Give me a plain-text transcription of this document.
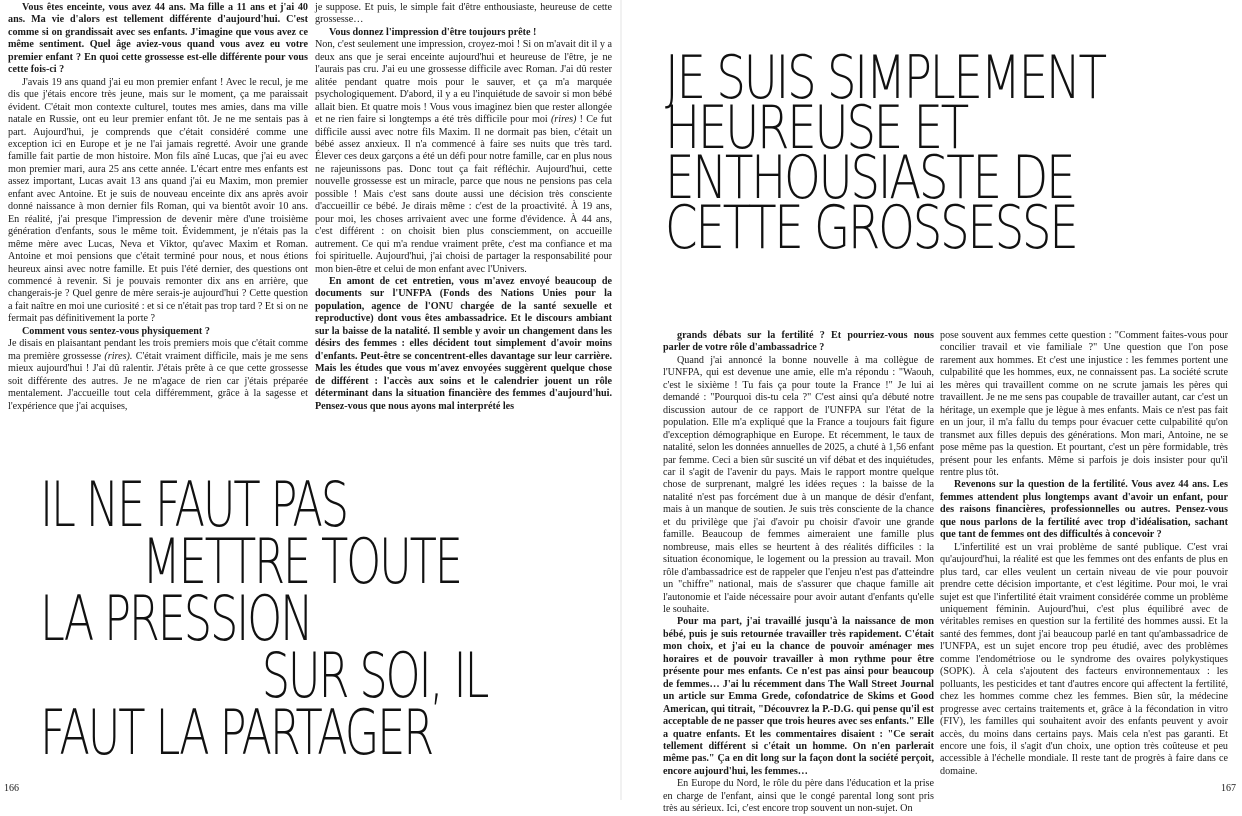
Vous êtes enceinte, vous avez 44 ans. Ma fille a 11 ans et j'ai 40 ans. Ma vie d'alors est tellement différente d'aujourd'hui. C'est comme si on grandissait avec ses enfants. J'imagine que vous avez ce même sentiment. Quel âge aviez-vous quand vous avez eu votre premier enfant ? En quoi cette grossesse est-elle différente pour vous cette fois-ci ?

J'avais 19 ans quand j'ai eu mon premier enfant ! Avec le recul, je me dis que j'étais encore très jeune, mais sur le moment, ça me paraissait évident. C'était mon contexte culturel, toutes mes amies, dans ma ville natale en Russie, ont eu leur premier enfant tôt. Je ne me sentais pas à part. Aujourd'hui, je comprends que c'était considéré comme une exception ici en Europe et je ne l'ai jamais regretté. Avoir une grande famille fait partie de mon histoire. Mon fils aîné Lucas, que j'ai eu avec mon premier mari, aura 25 ans cette année. L'écart entre mes enfants est assez important, Lucas avait 13 ans quand j'ai eu Maxim, mon premier enfant avec Antoine. Et je suis de nouveau enceinte dix ans après avoir donné naissance à mon dernier fils Roman, qui va bientôt avoir 10 ans. En réalité, j'ai presque l'impression de devenir mère d'une troisième génération d'enfants, sous le même toit. Évidemment, je n'étais pas la même mère avec Lucas, Neva et Viktor, qu'avec Maxim et Roman. Antoine et moi pensions que c'était terminé pour nous, et nous étions heureux ainsi avec notre famille. Et puis l'été dernier, des questions ont commencé à revenir. Si je pouvais remonter dix ans en arrière, que changerais-je ? Quel genre de mère serais-je aujourd'hui ? Cette question a fait naître en moi une curiosité : et si ce n'était pas trop tard ? Et si on ne fermait pas définitivement la porte ?

Comment vous sentez-vous physiquement ?

Je disais en plaisantant pendant les trois premiers mois que c'était comme ma première grossesse (rires). C'était vraiment difficile, mais je me sens mieux aujourd'hui ! J'ai dû ralentir. J'étais prête à ce que cette grossesse soit différente des autres. Je ne m'agace de rien car j'étais préparée mentalement. J'accueille tout cela différemment, grâce à la sagesse et l'expérience que j'ai acquises,

je suppose. Et puis, le simple fait d'être enthousiaste, heureuse de cette grossesse…

Vous donnez l'impression d'être toujours prête !

Non, c'est seulement une impression, croyez-moi ! Si on m'avait dit il y a deux ans que je serai enceinte aujourd'hui et heureuse de l'être, je ne l'aurais pas cru. J'ai eu une grossesse difficile avec Roman. J'ai dû rester alitée pendant quatre mois pour le sauver, et ça m'a marquée psychologiquement. D'abord, il y a eu l'inquiétude de savoir si mon bébé allait bien. Et quatre mois ! Vous vous imaginez bien que rester allongée et ne rien faire si longtemps a été très difficile pour moi (rires) ! Ce fut difficile aussi avec notre fils Maxim. Il ne dormait pas bien, c'était un bébé assez anxieux. Il n'a commencé à faire ses nuits que très tard. Élever ces deux garçons a été un défi pour notre famille, car en plus nous ne rajeunissons pas. Donc tout ça fait réfléchir. Aujourd'hui, cette nouvelle grossesse est un miracle, parce que nous ne pensions pas cela possible ! Mais c'est sans doute aussi une décision très consciente d'accueillir ce bébé. Je dirais même : c'est de la proactivité. À 19 ans, pour moi, les choses arrivaient avec une forme d'évidence. À 44 ans, c'est différent : on choisit bien plus consciemment, on accueille autrement. Ce qui m'a rendue vraiment prête, c'est ma confiance et ma foi spirituelle. Aujourd'hui, j'ai choisi de partager la responsabilité pour mon bien-être et celui de mon enfant avec l'Univers.

En amont de cet entretien, vous m'avez envoyé beaucoup de documents sur l'UNFPA (Fonds des Nations Unies pour la population, agence de l'ONU chargée de la santé sexuelle et reproductive) dont vous êtes ambassadrice. Et le discours ambiant sur la baisse de la natalité. Il semble y avoir un changement dans les désirs des femmes : elles décident tout simplement d'avoir moins d'enfants. Peut-être se concentrent-elles davantage sur leur carrière. Mais les études que vous m'avez envoyées suggèrent quelque chose de différent : l'accès aux soins et le calendrier jouent un rôle déterminant dans la situation financière des femmes d'aujourd'hui. Pensez-vous que nous ayons mal interprété les

IL NE FAUT PAS
METTRE TOUTE
LA PRESSION
SUR SOI, IL
FAUT LA PARTAGER
JE SUIS SIMPLEMENT
HEUREUSE ET
ENTHOUSIASTE DE
CETTE GROSSESSE

grands débats sur la fertilité ? Et pourriez-vous nous parler de votre rôle d'ambassadrice ?

Quand j'ai annoncé la bonne nouvelle à ma collègue de l'UNFPA, qui est devenue une amie, elle m'a répondu : "Waouh, c'est le sixième ! Tu fais ça pour toute la France !" Je lui ai demandé : "Pourquoi dis-tu cela ?" C'est ainsi qu'a débuté notre discussion autour de ce rapport de l'UNFPA sur l'état de la population. Elle m'a expliqué que la France a toujours fait figure d'exception démographique en Europe. Et récemment, le taux de natalité, selon les données annuelles de 2025, a chuté à 1,56 enfant par femme. Ceci a bien sûr suscité un vif débat et des inquiétudes, car il s'agit de l'avenir du pays. Mais le rapport montre quelque chose de surprenant, malgré les idées reçues : la baisse de la natalité n'est pas forcément due à un manque de désir d'enfant, mais à un manque de soutien. Je suis très consciente de la chance et du privilège que j'ai d'avoir pu choisir d'avoir une grande famille. Beaucoup de femmes aimeraient une famille plus nombreuse, mais elles se heurtent à des réalités difficiles : la situation économique, le logement ou la pression au travail. Mon rôle d'ambassadrice est de rappeler que l'enjeu n'est pas d'atteindre un "chiffre" national, mais de s'assurer que chaque famille ait l'autonomie et l'aide nécessaire pour avoir autant d'enfants qu'elle le souhaite.

Pour ma part, j'ai travaillé jusqu'à la naissance de mon bébé, puis je suis retournée travailler très rapidement. C'était mon choix, et j'ai eu la chance de pouvoir aménager mes horaires et de pouvoir travailler à mon rythme pour être présente pour mes enfants. Ce n'est pas ainsi pour beaucoup de femmes… J'ai lu récemment dans The Wall Street Journal un article sur Emma Grede, cofondatrice de Skims et Good American, qui titrait, "Découvrez la P.-D.G. qui pense qu'il est acceptable de ne passer que trois heures avec ses enfants." Elle a quatre enfants. Et les commentaires disaient : "Ce serait tellement différent si c'était un homme. On n'en parlerait même pas." Ça en dit long sur la façon dont la société perçoit, encore aujourd'hui, les femmes…

En Europe du Nord, le rôle du père dans l'éducation et la prise en charge de l'enfant, ainsi que le congé parental long sont pris très au sérieux. Ici, c'est encore trop souvent un non-sujet. On

pose souvent aux femmes cette question : "Comment faites-vous pour concilier travail et vie familiale ?" Une question que l'on pose rarement aux hommes. Et c'est une injustice : les femmes portent une culpabilité que les hommes, eux, ne connaissent pas. La société scrute les mères qui travaillent comme on ne scrute jamais les pères qui travaillent. Je ne me sens pas coupable de travailler autant, car c'est un héritage, un exemple que je lègue à mes enfants. Mais ce n'est pas fait en un jour, il m'a fallu du temps pour évacuer cette culpabilité qu'on transmet aux filles depuis des générations. Mon mari, Antoine, ne se pose même pas la question. Et pourtant, c'est un père formidable, très présent pour les enfants. Même si parfois je dois insister pour qu'il rentre plus tôt.

Revenons sur la question de la fertilité. Vous avez 44 ans. Les femmes attendent plus longtemps avant d'avoir un enfant, pour des raisons financières, professionnelles ou autres. Pensez-vous que nous parlons de la fertilité avec trop d'idéalisation, sachant que tant de femmes ont des difficultés à concevoir ?

L'infertilité est un vrai problème de santé publique. C'est vrai qu'aujourd'hui, la réalité est que les femmes ont des enfants de plus en plus tard, car elles veulent un certain niveau de vie pour pouvoir prendre cette décision importante, et c'est légitime. Pour moi, le vrai sujet est que l'infertilité était vraiment considérée comme un problème uniquement féminin. Aujourd'hui, c'est plus équilibré avec de véritables remises en question sur la fertilité des hommes aussi. Et la santé des femmes, dont j'ai beaucoup parlé en tant qu'ambassadrice de l'UNFPA, est un sujet encore trop peu étudié, avec des problèmes comme l'endométriose ou le syndrome des ovaires polykystiques (SOPK). À cela s'ajoutent des facteurs environnementaux : les polluants, les pesticides et tant d'autres encore qui affectent la fertilité, chez les hommes comme chez les femmes. Bien sûr, la médecine progresse avec certains traitements et, grâce à la fécondation in vitro (FIV), les familles qui souhaitent avoir des enfants peuvent y avoir accès, du moins dans certains pays. Mais cela n'est pas garanti. Et encore une fois, il s'agit d'un choix, une option très coûteuse et peu accessible à l'échelle mondiale. Il reste tant de progrès à faire dans ce domaine.

166	167
